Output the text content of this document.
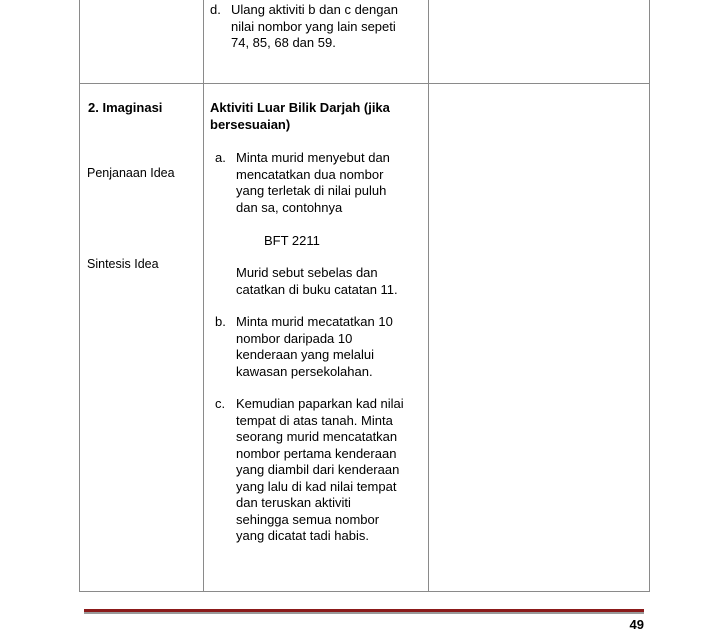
d. Ulang aktiviti b dan c dengan
nilai nombor yang lain sepeti
74, 85, 68 dan 59.
2. Imaginasi
Penjanaan Idea
Sintesis Idea
Aktiviti Luar Bilik Darjah (jika
bersesuaian)
a. Minta murid menyebut dan
mencatatkan dua nombor
yang terletak di nilai puluh
dan sa, contohnya
BFT 2211
Murid sebut sebelas dan
catatkan di buku catatan 11.
b. Minta murid mecatatkan 10
nombor daripada 10
kenderaan yang melalui
kawasan persekolahan.
c. Kemudian paparkan kad nilai
tempat di atas tanah. Minta
seorang murid mencatatkan
nombor pertama kenderaan
yang diambil dari kenderaan
yang lalu di kad nilai tempat
dan teruskan aktiviti
sehingga semua nombor
yang dicatat tadi habis.
49
